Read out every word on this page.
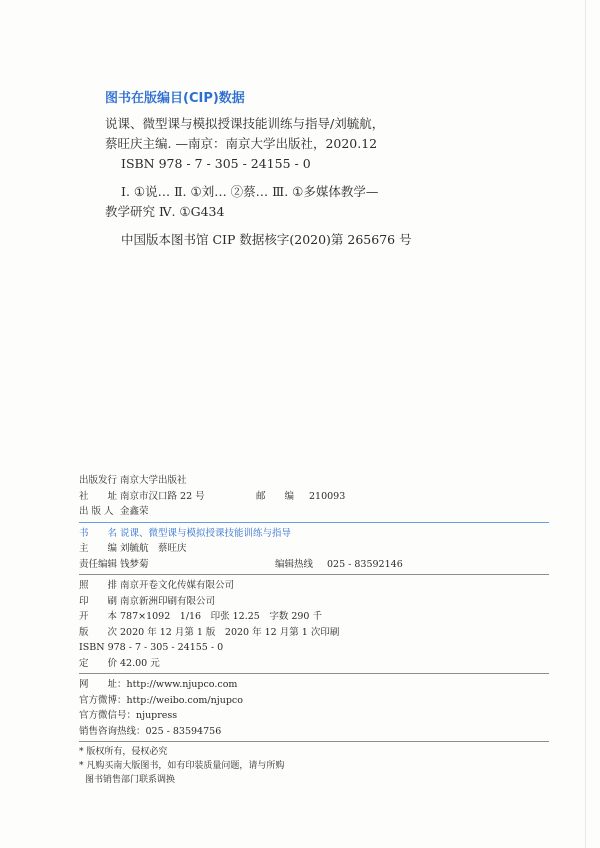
图书在版编目(CIP)数据
说课、微型课与模拟授课技能训练与指导/刘毓航，
蔡旺庆主编. —南京：南京大学出版社，2020.12
ISBN 978 - 7 - 305 - 24155 - 0
Ⅰ. ①说… Ⅱ. ①刘… ②蔡… Ⅲ. ①多媒体教学—
教学研究 Ⅳ. ①G434
中国版本图书馆 CIP 数据核字(2020)第 265676 号
出版发行 南京大学出版社
社　　址 南京市汉口路 22 号	邮　　编 210093
出 版 人 金鑫荣
书　　名 说课、微型课与模拟授课技能训练与指导
主　　编 刘毓航　蔡旺庆
责任编辑 钱梦菊	编辑热线 025 - 83592146
照　　排 南京开卷文化传媒有限公司
印　　刷 南京新洲印刷有限公司
开　　本 787×1092　1/16　印张 12.25　字数 290 千
版　　次 2020 年 12 月第 1 版　2020 年 12 月第 1 次印刷
ISBN 978 - 7 - 305 - 24155 - 0
定　　价 42.00 元
网　　址：http://www.njupco.com
官方微博：http://weibo.com/njupco
官方微信号：njupress
销售咨询热线：025 - 83594756
* 版权所有，侵权必究
* 凡购买南大版图书，如有印装质量问题，请与所购
图书销售部门联系调换
